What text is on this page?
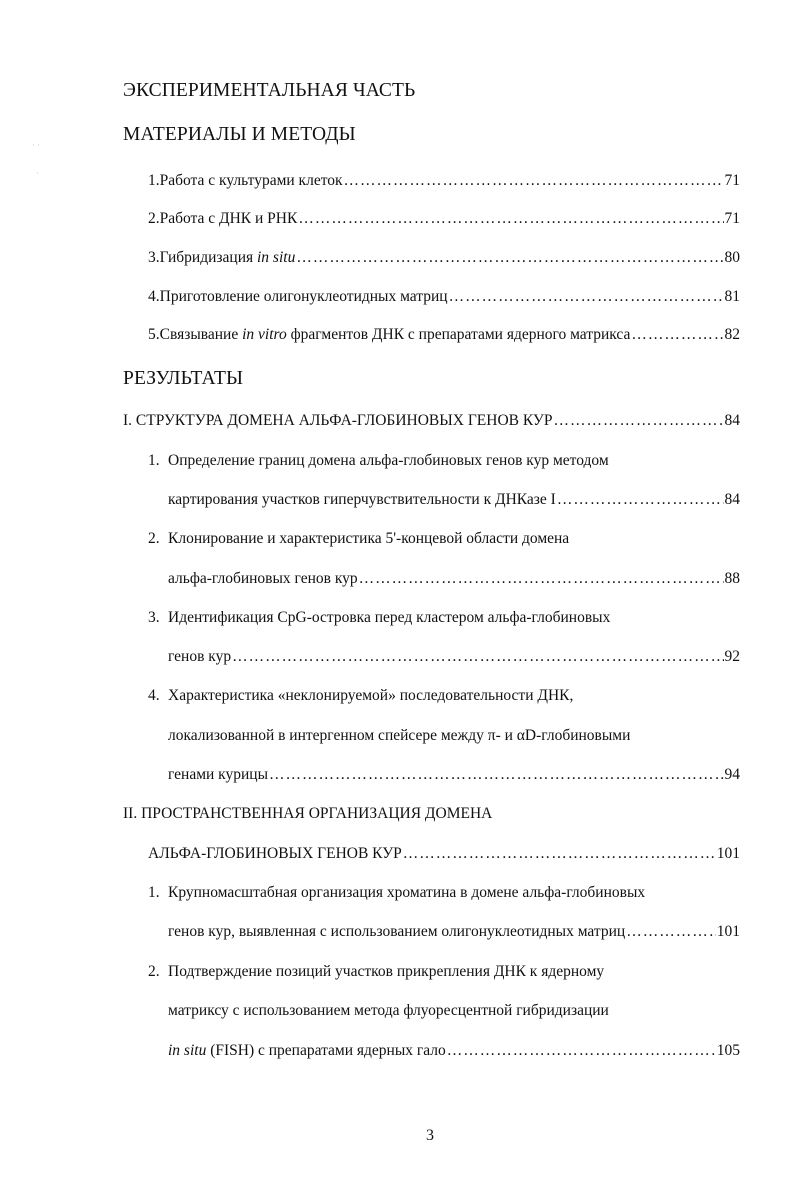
· ·
·
ЭКСПЕРИМЕНТАЛЬНАЯ ЧАСТЬ
МАТЕРИАЛЫ И МЕТОДЫ
1. Работа с культурами клеток ……………………………………………………………………………………………………………………………………………………………………………………………………	71
2. Работа с ДНК и РНК ……………………………………………………………………………………………………………………………………………………………………………………………………	71
3. Гибридизация in situ ……………………………………………………………………………………………………………………………………………………………………………………………………	80
4. Приготовление олигонуклеотидных матриц ……………………………………………………………………………………………………………………………………………………………………………………………………	81
5. Связывание in vitro фрагментов ДНК с препаратами ядерного матрикса ……………………………………………………………………………………………………………………………………………………………………………………………………	82
РЕЗУЛЬТАТЫ
I. СТРУКТУРА ДОМЕНА АЛЬФА-ГЛОБИНОВЫХ ГЕНОВ КУР ……………………………………………………………………………………………………………………………………………………………………………………………………	84
1. Определение границ домена альфа-глобиновых генов кур методом
картирования участков гиперчувствительности к ДНКазе I ……………………………………………………………………………………………………………………………………………………………………………………………………	84
2. Клонирование и характеристика 5'-концевой области домена
альфа-глобиновых генов кур ……………………………………………………………………………………………………………………………………………………………………………………………………	88
3. Идентификация CpG-островка перед кластером альфа-глобиновых
генов кур ……………………………………………………………………………………………………………………………………………………………………………………………………	92
4. Характеристика «неклонируемой» последовательности ДНК,
локализованной в интергенном спейсере между π- и αD-глобиновыми
генами курицы ……………………………………………………………………………………………………………………………………………………………………………………………………	94
II. ПРОСТРАНСТВЕННАЯ ОРГАНИЗАЦИЯ ДОМЕНА
АЛЬФА-ГЛОБИНОВЫХ ГЕНОВ КУР ……………………………………………………………………………………………………………………………………………………………………………………………………	101
1. Крупномасштабная организация хроматина в домене альфа-глобиновых
генов кур, выявленная с использованием олигонуклеотидных матриц ……………………………………………………………………………………………………………………………………………………………………………………………………	101
2. Подтверждение позиций участков прикрепления ДНК к ядерному
матриксу с использованием метода флуоресцентной гибридизации
in situ (FISH) с препаратами ядерных гало ……………………………………………………………………………………………………………………………………………………………………………………………………	105
3
